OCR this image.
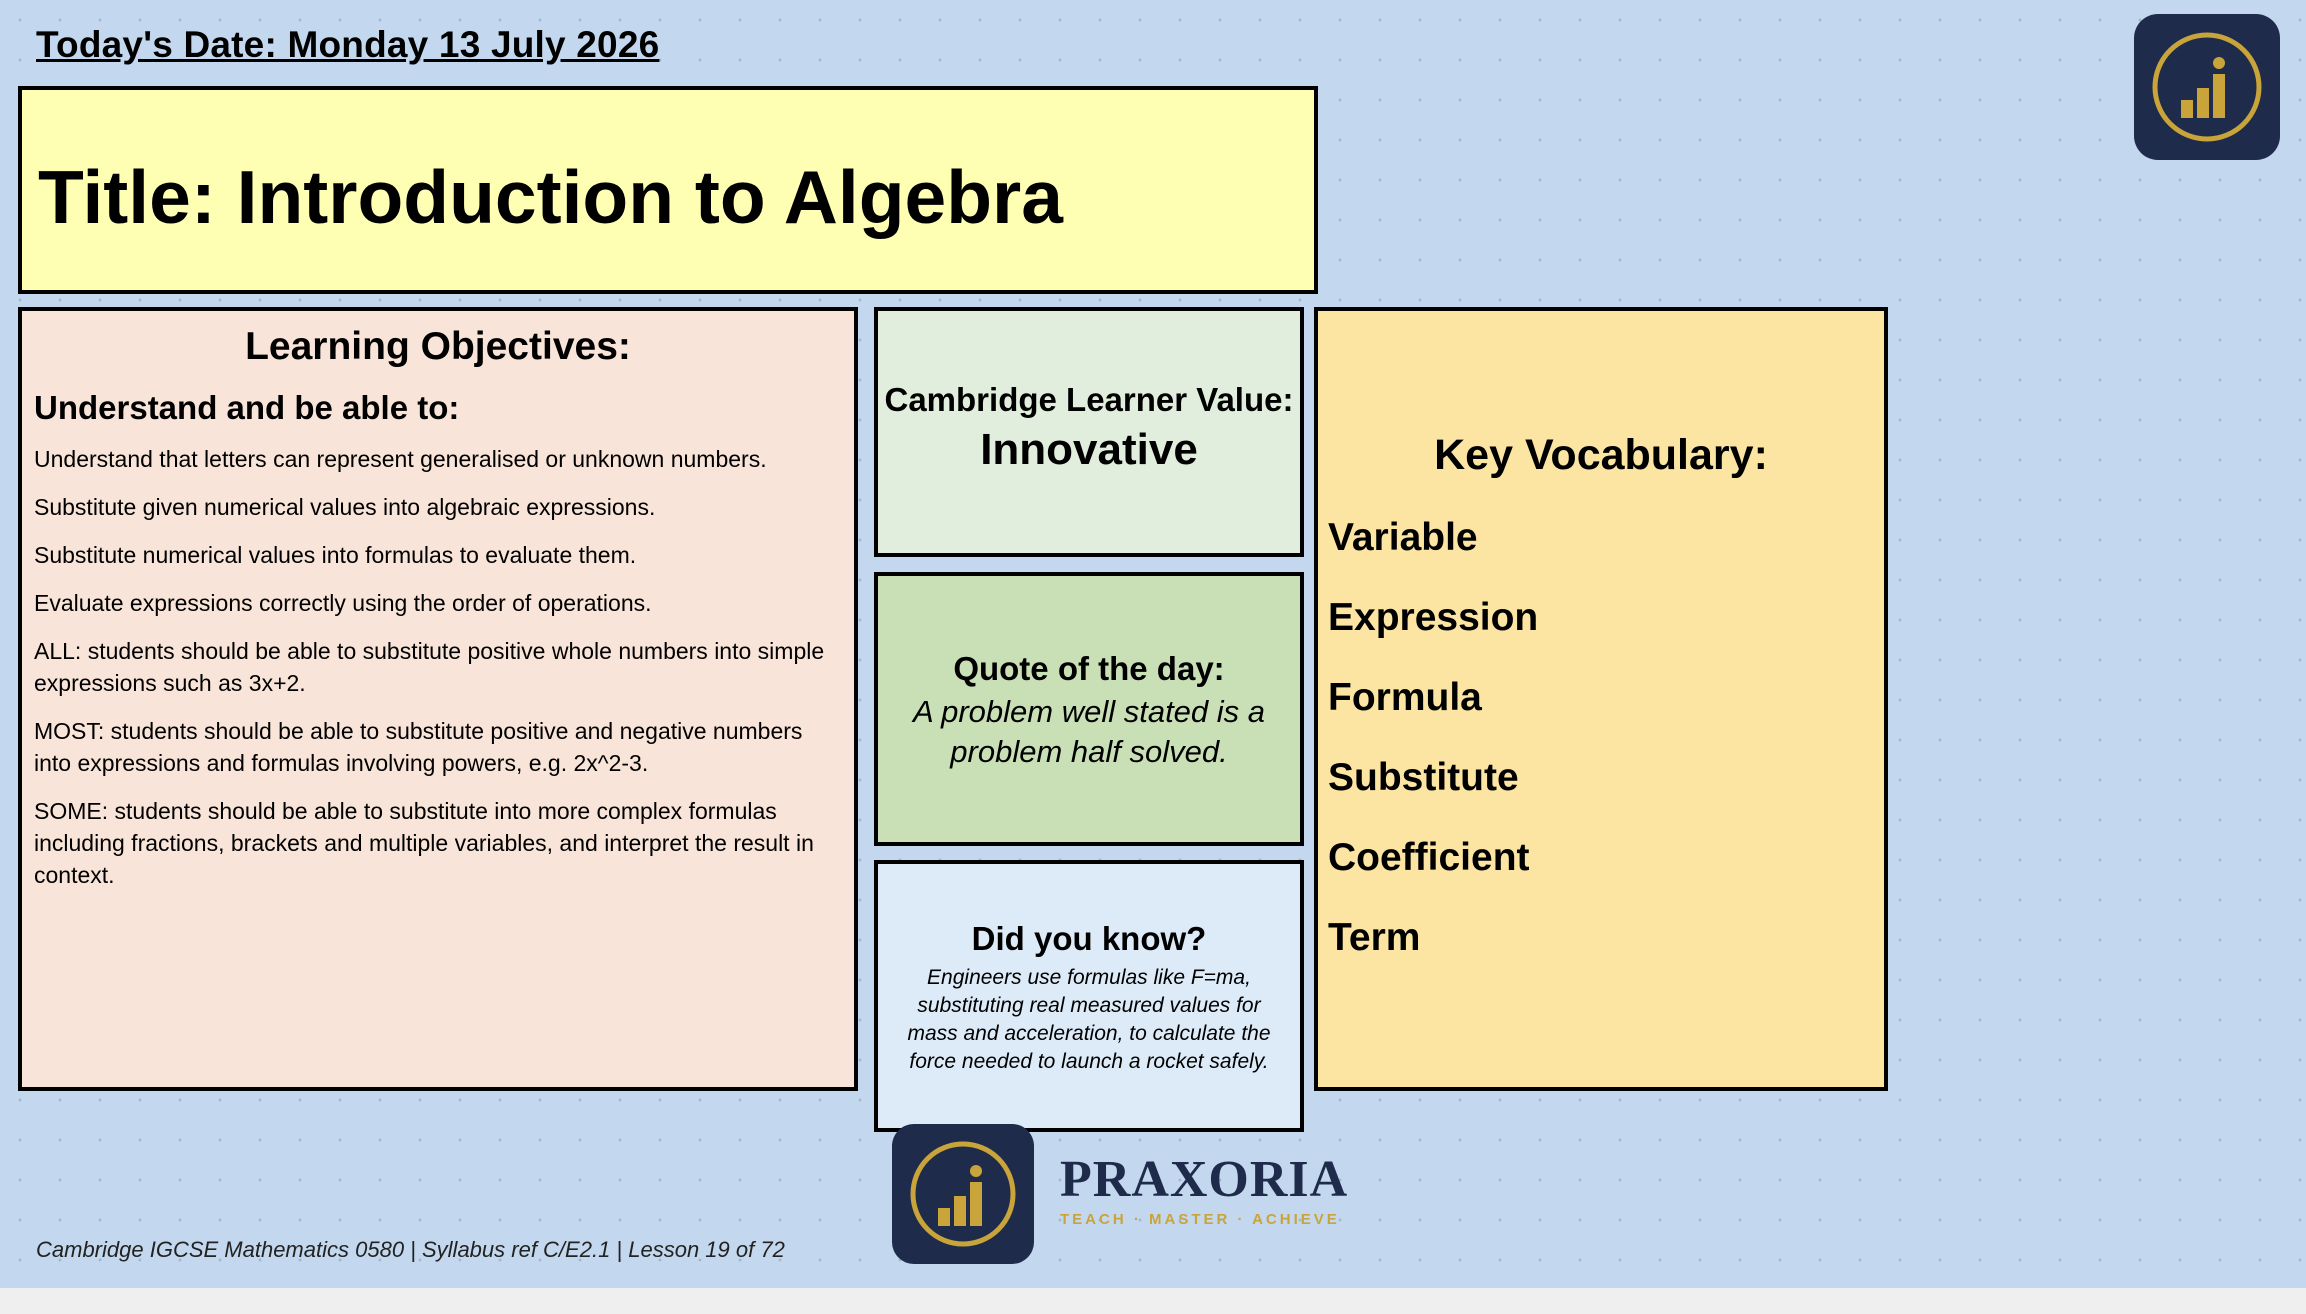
Today's Date: Monday 13 July 2026
Title: Introduction to Algebra
Learning Objectives:
Understand and be able to:
Understand that letters can represent generalised or unknown numbers.
Substitute given numerical values into algebraic expressions.
Substitute numerical values into formulas to evaluate them.
Evaluate expressions correctly using the order of operations.
ALL: students should be able to substitute positive whole numbers into simple expressions such as 3x+2.
MOST: students should be able to substitute positive and negative numbers into expressions and formulas involving powers, e.g. 2x^2-3.
SOME: students should be able to substitute into more complex formulas including fractions, brackets and multiple variables, and interpret the result in context.
Cambridge Learner Value:
Innovative
Quote of the day:
A problem well stated is a problem half solved.
Did you know?
Engineers use formulas like F=ma, substituting real measured values for mass and acceleration, to calculate the force needed to launch a rocket safely.
Key Vocabulary:
Variable
Expression
Formula
Substitute
Coefficient
Term
PRAXORIA
TEACH · MASTER · ACHIEVE
Cambridge IGCSE Mathematics 0580 | Syllabus ref C/E2.1 | Lesson 19 of 72
